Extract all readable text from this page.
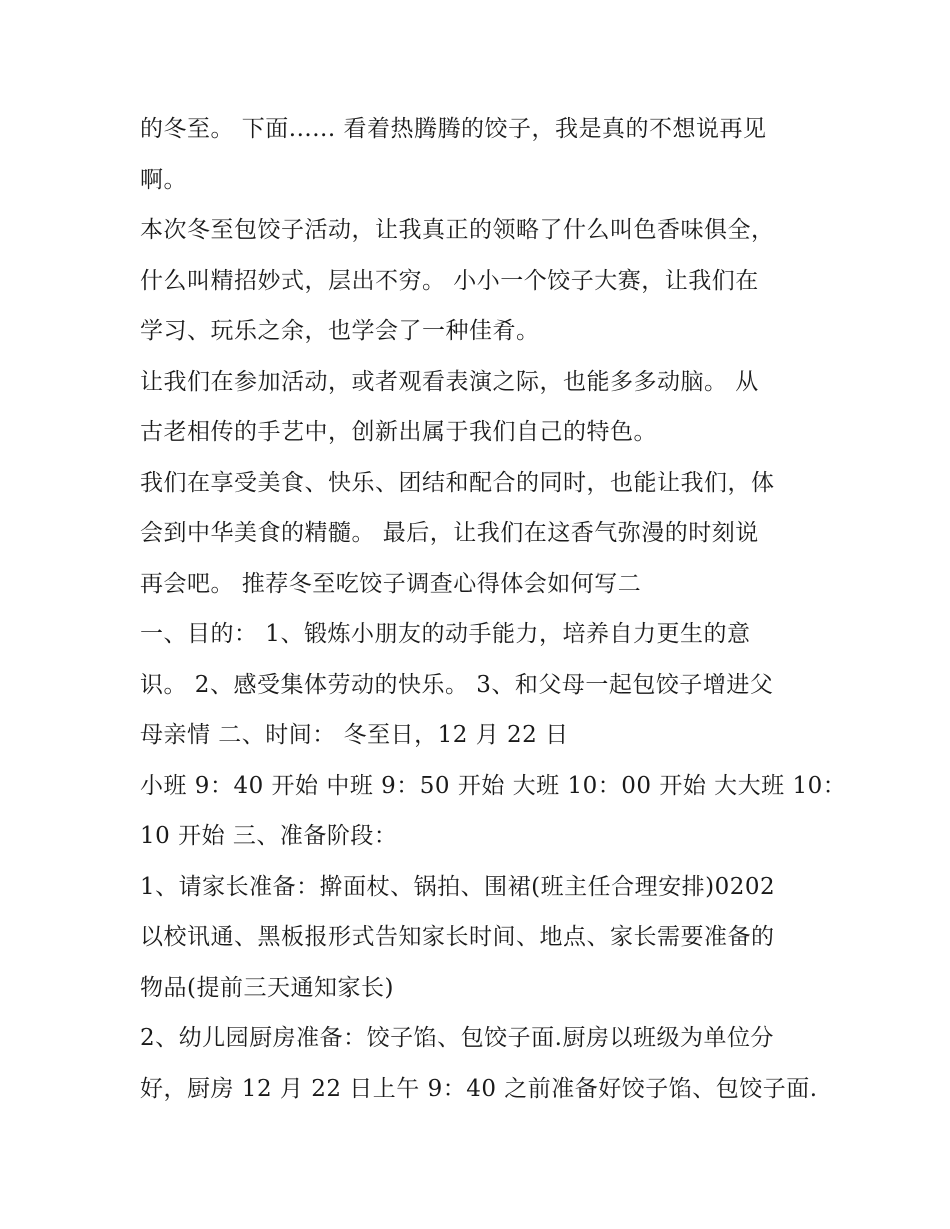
的冬至。 下面...... 看着热腾腾的饺子，我是真的不想说再见
啊。
本次冬至包饺子活动，让我真正的领略了什么叫色香味俱全，
什么叫精招妙式，层出不穷。 小小一个饺子大赛，让我们在
学习、玩乐之余，也学会了一种佳肴。
让我们在参加活动，或者观看表演之际，也能多多动脑。 从
古老相传的手艺中，创新出属于我们自己的特色。
我们在享受美食、快乐、团结和配合的同时，也能让我们，体
会到中华美食的精髓。 最后，让我们在这香气弥漫的时刻说
再会吧。 推荐冬至吃饺子调查心得体会如何写二
一、目的： 1、锻炼小朋友的动手能力，培养自力更生的意
识。 2、感受集体劳动的快乐。 3、和父母一起包饺子增进父
母亲情 二、时间： 冬至日，12 月 22 日
小班 9：40 开始 中班 9：50 开始 大班 10：00 开始 大大班 10：
10 开始 三、准备阶段：
1、请家长准备：擀面杖、锅拍、围裙(班主任合理安排)0202
以校讯通、黑板报形式告知家长时间、地点、家长需要准备的
物品(提前三天通知家长)
2、幼儿园厨房准备：饺子馅、包饺子面.厨房以班级为单位分
好，厨房 12 月 22 日上午 9：40 之前准备好饺子馅、包饺子面.
